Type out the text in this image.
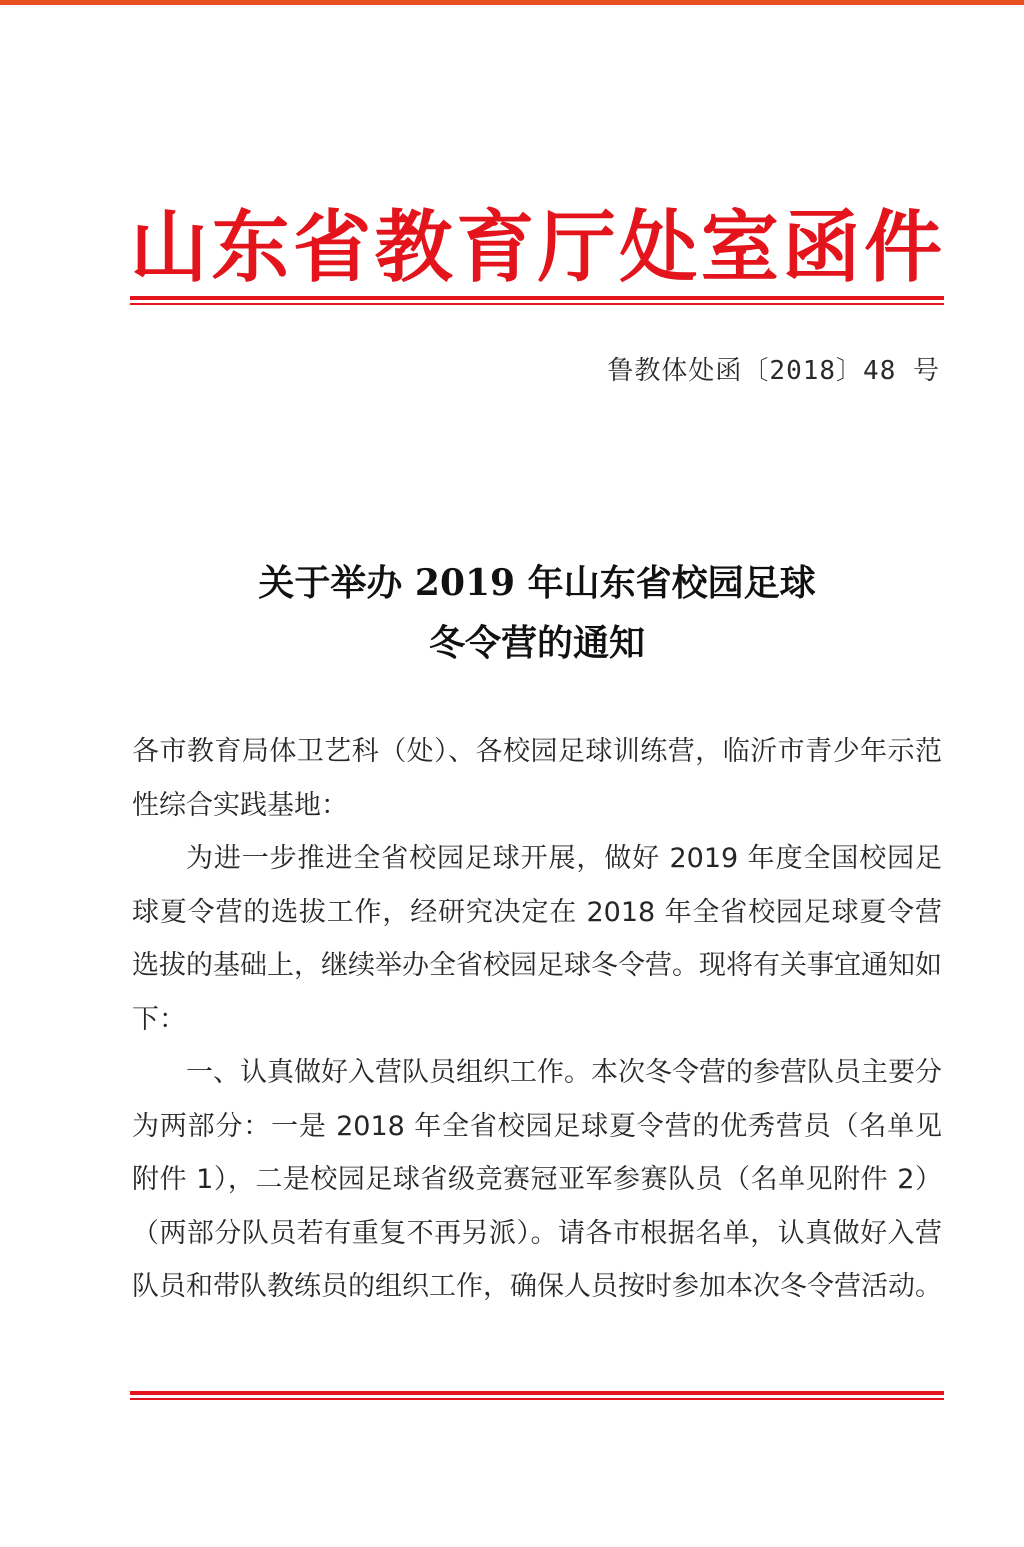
山东省教育厅处室函件
鲁教体处函〔2018〕48 号
关于举办 2019 年山东省校园足球
冬令营的通知

各市教育局体卫艺科（处）、各校园足球训练营，临沂市青少年示范性综合实践基地：

为进一步推进全省校园足球开展，做好 2019 年度全国校园足球夏令营的选拔工作，经研究决定在 2018 年全省校园足球夏令营选拔的基础上，继续举办全省校园足球冬令营。现将有关事宜通知如下：

一、认真做好入营队员组织工作。本次冬令营的参营队员主要分为两部分：一是 2018 年全省校园足球夏令营的优秀营员（名单见附件 1），二是校园足球省级竞赛冠亚军参赛队员（名单见附件 2）（两部分队员若有重复不再另派）。请各市根据名单，认真做好入营队员和带队教练员的组织工作，确保人员按时参加本次冬令营活动。
